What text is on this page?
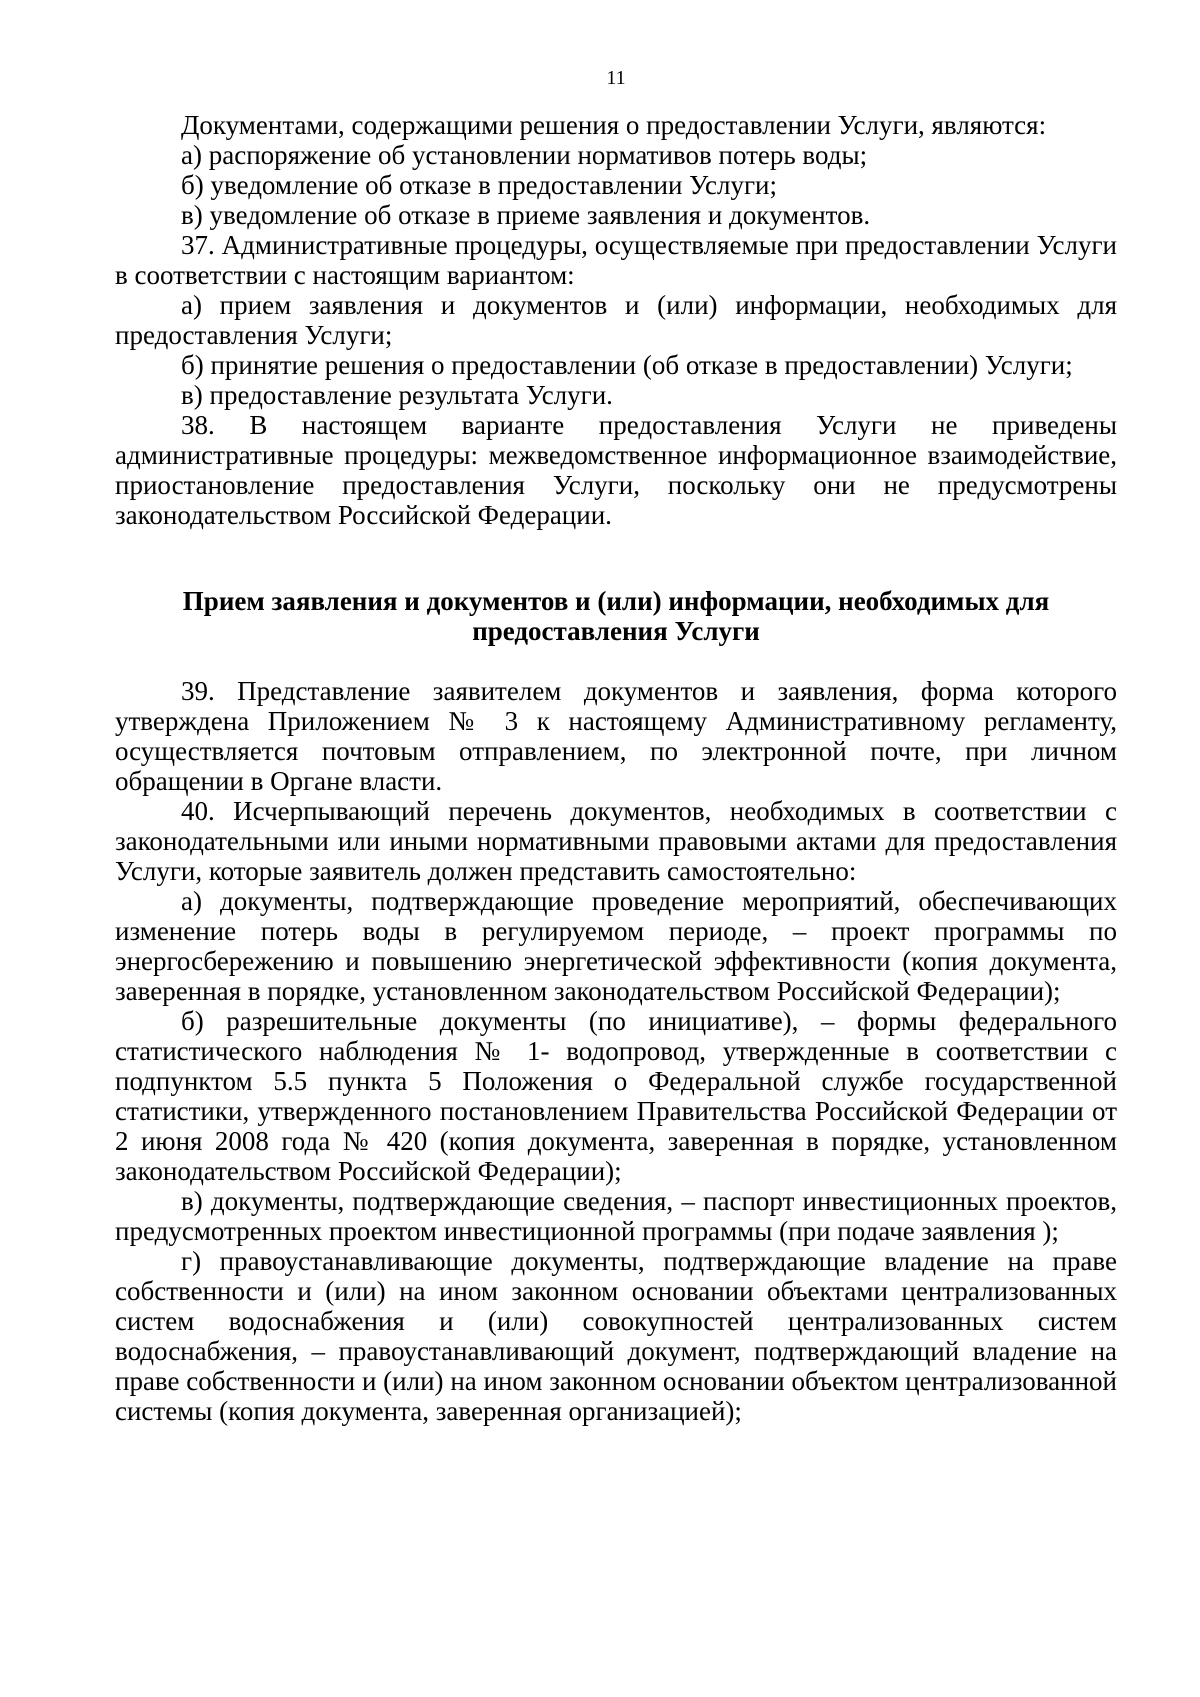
11

Документами, содержащими решения о предоставлении Услуги, являются:

а) распоряжение об установлении нормативов потерь воды;

б) уведомление об отказе в предоставлении Услуги;

в) уведомление об отказе в приеме заявления и документов.

37. Административные процедуры, осуществляемые при предоставлении Услуги в соответствии с настоящим вариантом:

а) прием заявления и документов и (или) информации, необходимых для предоставления Услуги;

б) принятие решения о предоставлении (об отказе в предоставлении) Услуги;

в) предоставление результата Услуги.

38. В настоящем варианте предоставления Услуги не приведены административные процедуры: межведомственное информационное взаимодействие, приостановление предоставления Услуги, поскольку они не предусмотрены законодательством Российской Федерации.

Прием заявления и документов и (или) информации, необходимых для

предоставления Услуги

39. Представление заявителем документов и заявления, форма которого утверждена Приложением № 3 к настоящему Административному регламенту, осуществляется почтовым отправлением, по электронной почте, при личном обращении в Органе власти.

40. Исчерпывающий перечень документов, необходимых в соответствии с законодательными или иными нормативными правовыми актами для предоставления Услуги, которые заявитель должен представить самостоятельно:

а) документы, подтверждающие проведение мероприятий, обеспечивающих изменение потерь воды в регулируемом периоде, – проект программы по энергосбережению и повышению энергетической эффективности (копия документа, заверенная в порядке, установленном законодательством Российской Федерации);

б) разрешительные документы (по инициативе), – формы федерального статистического наблюдения № 1- водопровод, утвержденные в соответствии с подпунктом 5.5 пункта 5 Положения о Федеральной службе государственной статистики, утвержденного постановлением Правительства Российской Федерации от 2 июня 2008 года № 420 (копия документа, заверенная в порядке, установленном законодательством Российской Федерации);

в) документы, подтверждающие сведения, – паспорт инвестиционных проектов, предусмотренных проектом инвестиционной программы (при подаче заявления );

г) правоустанавливающие документы, подтверждающие владение на праве собственности и (или) на ином законном основании объектами централизованных систем водоснабжения и (или) совокупностей централизованных систем водоснабжения, – правоустанавливающий документ, подтверждающий владение на праве собственности и (или) на ином законном основании объектом централизованной системы (копия документа, заверенная организацией);
